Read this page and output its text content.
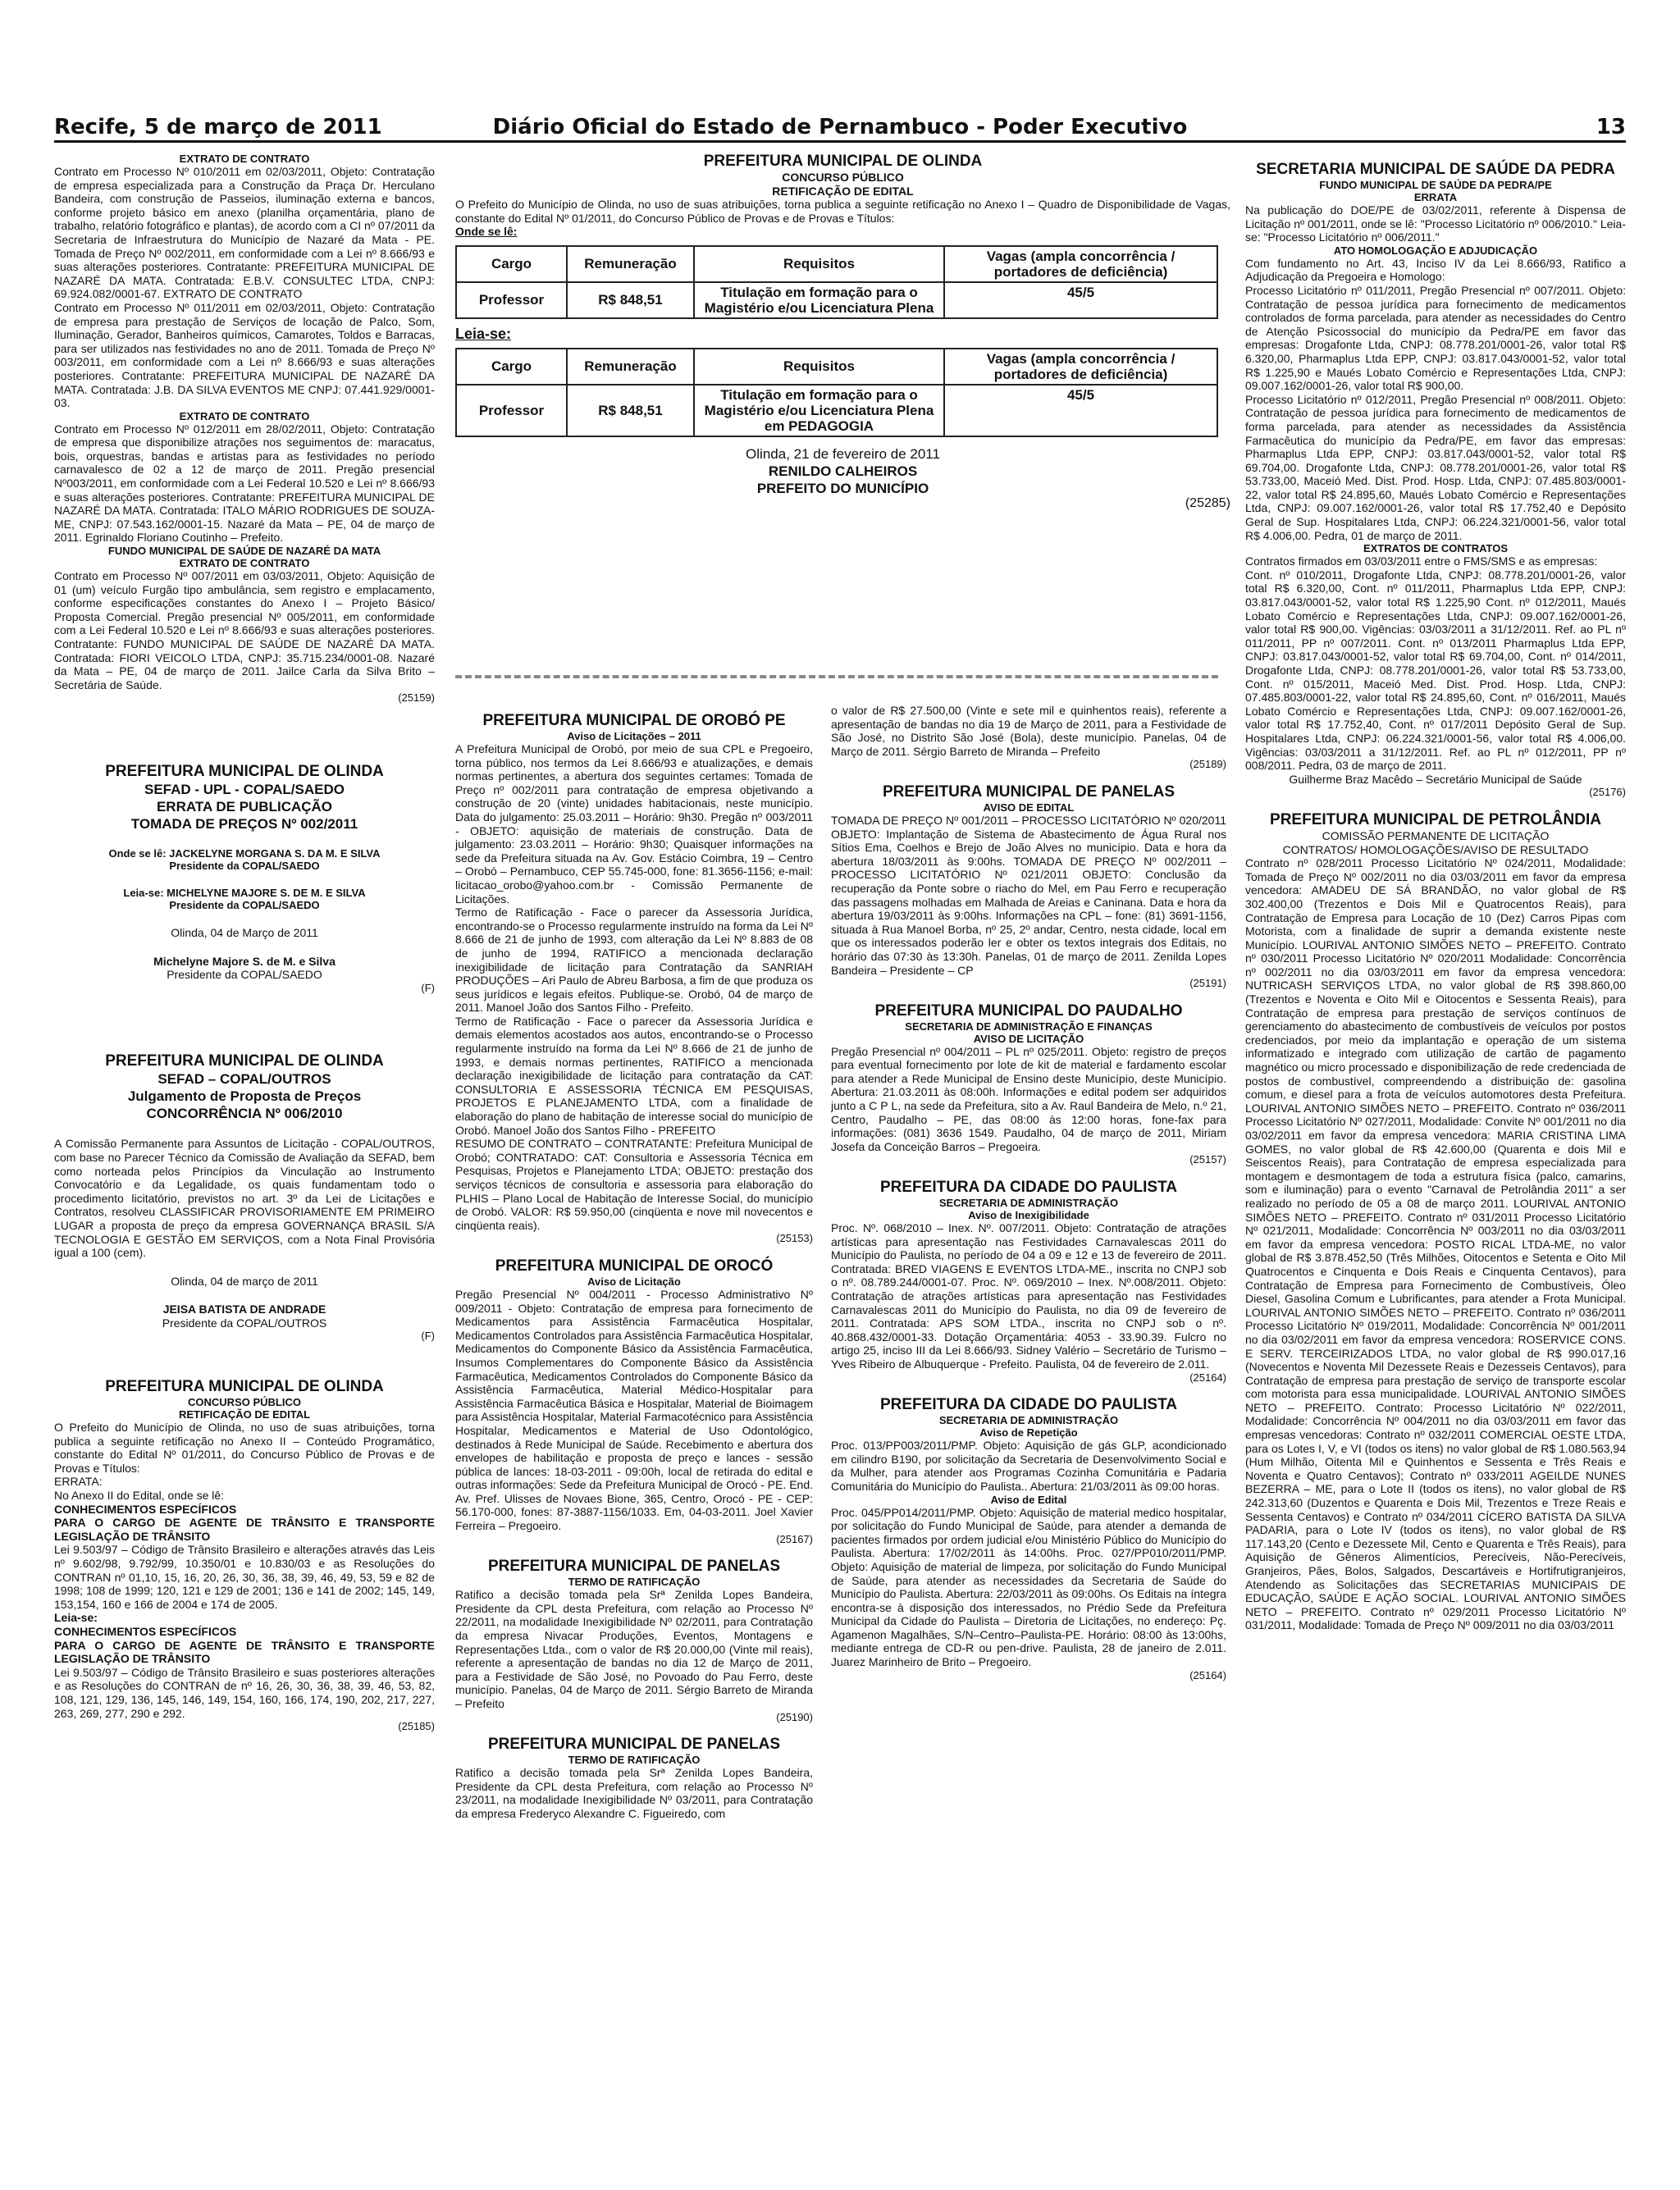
Diário Oficial do Estado de Pernambuco - Poder Executivo
Recife, 5 de março de 2011	13
EXTRATO DE CONTRATO
Contrato em Processo Nº 010/2011 em 02/03/2011, Objeto: Contratação de empresa especializada para a Construção da Praça Dr. Herculano Bandeira, com construção de Passeios, iluminação externa e bancos, conforme projeto básico em anexo (planilha orçamentária, plano de trabalho, relatório fotográfico e plantas), de acordo com a CI nº 07/2011 da Secretaria de Infraestrutura do Município de Nazaré da Mata - PE. Tomada de Preço Nº 002/2011, em conformidade com a Lei nº 8.666/93 e suas alterações posteriores. Contratante: PREFEITURA MUNICIPAL DE NAZARÉ DA MATA. Contratada: E.B.V. CONSULTEC LTDA, CNPJ: 69.924.082/0001-67. EXTRATO DE CONTRATO
Contrato em Processo Nº 011/2011 em 02/03/2011, Objeto: Contratação de empresa para prestação de Serviços de locação de Palco, Som, Iluminação, Gerador, Banheiros químicos, Camarotes, Toldos e Barracas, para ser utilizados nas festividades no ano de 2011. Tomada de Preço Nº 003/2011, em conformidade com a Lei nº 8.666/93 e suas alterações posteriores. Contratante: PREFEITURA MUNICIPAL DE NAZARÉ DA MATA. Contratada: J.B. DA SILVA EVENTOS ME CNPJ: 07.441.929/0001-03.
EXTRATO DE CONTRATO
Contrato em Processo Nº 012/2011 em 28/02/2011, Objeto: Contratação de empresa que disponibilize atrações nos seguimentos de: maracatus, bois, orquestras, bandas e artistas para as festividades no período carnavalesco de 02 a 12 de março de 2011. Pregão presencial Nº003/2011, em conformidade com a Lei Federal 10.520 e Lei nº 8.666/93 e suas alterações posteriores. Contratante: PREFEITURA MUNICIPAL DE NAZARÉ DA MATA. Contratada: ITALO MÁRIO RODRIGUES DE SOUZA-ME, CNPJ: 07.543.162/0001-15. Nazaré da Mata – PE, 04 de março de 2011. Egrinaldo Floriano Coutinho – Prefeito.
FUNDO MUNICIPAL DE SAÚDE DE NAZARÉ DA MATA
EXTRATO DE CONTRATO
Contrato em Processo Nº 007/2011 em 03/03/2011, Objeto: Aquisição de 01 (um) veículo Furgão tipo ambulância, sem registro e emplacamento, conforme especificações constantes do Anexo I – Projeto Básico/ Proposta Comercial. Pregão presencial Nº 005/2011, em conformidade com a Lei Federal 10.520 e Lei nº 8.666/93 e suas alterações posteriores. Contratante: FUNDO MUNICIPAL DE SAÚDE DE NAZARÉ DA MATA. Contratada: FIORI VEICOLO LTDA, CNPJ: 35.715.234/0001-08. Nazaré da Mata – PE, 04 de março de 2011. Jailce Carla da Silva Brito – Secretária de Saúde.
(25159)
PREFEITURA MUNICIPAL DE OLINDA
SEFAD - UPL - COPAL/SAEDO
ERRATA DE PUBLICAÇÃO
TOMADA DE PREÇOS Nº 002/2011
Onde se lê: JACKELYNE MORGANA S. DA M. E SILVA
Presidente da COPAL/SAEDO
Leia-se: MICHELYNE MAJORE S. DE M. E SILVA
Presidente da COPAL/SAEDO
Olinda, 04 de Março de 2011
Michelyne Majore S. de M. e Silva
Presidente da COPAL/SAEDO
(F)
PREFEITURA MUNICIPAL DE OLINDA
SEFAD – COPAL/OUTROS
Julgamento de Proposta de Preços
CONCORRÊNCIA Nº 006/2010
A Comissão Permanente para Assuntos de Licitação - COPAL/OUTROS, com base no Parecer Técnico da Comissão de Avaliação da SEFAD, bem como norteada pelos Princípios da Vinculação ao Instrumento Convocatório e da Legalidade, os quais fundamentam todo o procedimento licitatório, previstos no art. 3º da Lei de Licitações e Contratos, resolveu CLASSIFICAR PROVISORIAMENTE EM PRIMEIRO LUGAR a proposta de preço da empresa GOVERNANÇA BRASIL S/A TECNOLOGIA E GESTÃO EM SERVIÇOS, com a Nota Final Provisória igual a 100 (cem).
Olinda, 04 de março de 2011
JEISA BATISTA DE ANDRADE
Presidente da COPAL/OUTROS
(F)
PREFEITURA MUNICIPAL DE OLINDA
CONCURSO PÚBLICO
RETIFICAÇÃO DE EDITAL
O Prefeito do Município de Olinda, no uso de suas atribuições, torna publica a seguinte retificação no Anexo II – Conteúdo Programático, constante do Edital Nº 01/2011, do Concurso Público de Provas e de Provas e Títulos:
ERRATA:
No Anexo II do Edital, onde se lê:
CONHECIMENTOS ESPECÍFICOS
PARA O CARGO DE AGENTE DE TRÂNSITO E TRANSPORTE LEGISLAÇÃO DE TRÂNSITO
Lei 9.503/97 – Código de Trânsito Brasileiro e alterações através das Leis nº 9.602/98, 9.792/99, 10.350/01 e 10.830/03 e as Resoluções do CONTRAN nº 01,10, 15, 16, 20, 26, 30, 36, 38, 39, 46, 49, 53, 59 e 82 de 1998; 108 de 1999; 120, 121 e 129 de 2001; 136 e 141 de 2002; 145, 149, 153,154, 160 e 166 de 2004 e 174 de 2005.
Leia-se:
CONHECIMENTOS ESPECÍFICOS
PARA O CARGO DE AGENTE DE TRÂNSITO E TRANSPORTE LEGISLAÇÃO DE TRÂNSITO
Lei 9.503/97 – Código de Trânsito Brasileiro e suas posteriores alterações e as Resoluções do CONTRAN de nº 16, 26, 30, 36, 38, 39, 46, 53, 82, 108, 121, 129, 136, 145, 146, 149, 154, 160, 166, 174, 190, 202, 217, 227, 263, 269, 277, 290 e 292.
(25185)
PREFEITURA MUNICIPAL DE OLINDA
CONCURSO PÚBLICO
RETIFICAÇÃO DE EDITAL
O Prefeito do Município de Olinda, no uso de suas atribuições, torna publica a seguinte retificação no Anexo I – Quadro de Disponibilidade de Vagas, constante do Edital Nº 01/2011, do Concurso Público de Provas e de Provas e Títulos:
Onde se lê:
Cargo	Remuneração	Requisitos	Vagas (ampla concorrência / portadores de deficiência)
Professor	R$ 848,51	Titulação em formação para o Magistério e/ou Licenciatura Plena	45/5
Leia-se:
Cargo	Remuneração	Requisitos	Vagas (ampla concorrência / portadores de deficiência)
Professor	R$ 848,51	Titulação em formação para o Magistério e/ou Licenciatura Plena em PEDAGOGIA	45/5
Olinda, 21 de fevereiro de 2011
RENILDO CALHEIROS
PREFEITO DO MUNICÍPIO
(25285)
PREFEITURA MUNICIPAL DE OROBÓ PE
Aviso de Licitações – 2011
A Prefeitura Municipal de Orobó, por meio de sua CPL e Pregoeiro, torna público, nos termos da Lei 8.666/93 e atualizações, e demais normas pertinentes, a abertura dos seguintes certames: Tomada de Preço nº 002/2011 para contratação de empresa objetivando a construção de 20 (vinte) unidades habitacionais, neste município. Data do julgamento: 25.03.2011 – Horário: 9h30. Pregão nº 003/2011 - OBJETO: aquisição de materiais de construção. Data de julgamento: 23.03.2011 – Horário: 9h30; Quaisquer informações na sede da Prefeitura situada na Av. Gov. Estácio Coimbra, 19 – Centro – Orobó – Pernambuco, CEP 55.745-000, fone: 81.3656-1156; e-mail: licitacao_orobo@yahoo.com.br - Comissão Permanente de Licitações.
Termo de Ratificação - Face o parecer da Assessoria Jurídica, encontrando-se o Processo regularmente instruído na forma da Lei Nº 8.666 de 21 de junho de 1993, com alteração da Lei Nº 8.883 de 08 de junho de 1994, RATIFICO a mencionada declaração inexigibilidade de licitação para Contratação da SANRIAH PRODUÇÕES – Ari Paulo de Abreu Barbosa, a fim de que produza os seus jurídicos e legais efeitos. Publique-se. Orobó, 04 de março de 2011. Manoel João dos Santos Filho - Prefeito.
Termo de Ratificação - Face o parecer da Assessoria Jurídica e demais elementos acostados aos autos, encontrando-se o Processo regularmente instruído na forma da Lei Nº 8.666 de 21 de junho de 1993, e demais normas pertinentes, RATIFICO a mencionada declaração inexigibilidade de licitação para contratação da CAT: CONSULTORIA E ASSESSORIA TÉCNICA EM PESQUISAS, PROJETOS E PLANEJAMENTO LTDA, com a finalidade de elaboração do plano de habitação de interesse social do município de Orobó. Manoel João dos Santos Filho - PREFEITO
RESUMO DE CONTRATO – CONTRATANTE: Prefeitura Municipal de Orobó; CONTRATADO: CAT: Consultoria e Assessoria Técnica em Pesquisas, Projetos e Planejamento LTDA; OBJETO: prestação dos serviços técnicos de consultoria e assessoria para elaboração do PLHIS – Plano Local de Habitação de Interesse Social, do município de Orobó. VALOR: R$ 59.950,00 (cinqüenta e nove mil novecentos e cinqüenta reais).
(25153)
PREFEITURA MUNICIPAL DE OROCÓ
Aviso de Licitação
Pregão Presencial Nº 004/2011 - Processo Administrativo Nº 009/2011 - Objeto: Contratação de empresa para fornecimento de Medicamentos para Assistência Farmacêutica Hospitalar, Medicamentos Controlados para Assistência Farmacêutica Hospitalar, Medicamentos do Componente Básico da Assistência Farmacêutica, Insumos Complementares do Componente Básico da Assistência Farmacêutica, Medicamentos Controlados do Componente Básico da Assistência Farmacêutica, Material Médico-Hospitalar para Assistência Farmacêutica Básica e Hospitalar, Material de Bioimagem para Assistência Hospitalar, Material Farmacotécnico para Assistência Hospitalar, Medicamentos e Material de Uso Odontológico, destinados à Rede Municipal de Saúde. Recebimento e abertura dos envelopes de habilitação e proposta de preço e lances - sessão pública de lances: 18-03-2011 - 09:00h, local de retirada do edital e outras informações: Sede da Prefeitura Municipal de Orocó - PE. End. Av. Pref. Ulisses de Novaes Bione, 365, Centro, Orocó - PE - CEP: 56.170-000, fones: 87-3887-1156/1033. Em, 04-03-2011. Joel Xavier Ferreira – Pregoeiro.
(25167)
PREFEITURA MUNICIPAL DE PANELAS
TERMO DE RATIFICAÇÃO
Ratifico a decisão tomada pela Srª Zenilda Lopes Bandeira, Presidente da CPL desta Prefeitura, com relação ao Processo Nº 22/2011, na modalidade Inexigibilidade Nº 02/2011, para Contratação da empresa Nivacar Produções, Eventos, Montagens e Representações Ltda., com o valor de R$ 20.000,00 (Vinte mil reais), referente a apresentação de bandas no dia 12 de Março de 2011, para a Festividade de São José, no Povoado do Pau Ferro, deste município. Panelas, 04 de Março de 2011. Sérgio Barreto de Miranda – Prefeito
(25190)
PREFEITURA MUNICIPAL DE PANELAS
TERMO DE RATIFICAÇÃO
Ratifico a decisão tomada pela Srª Zenilda Lopes Bandeira, Presidente da CPL desta Prefeitura, com relação ao Processo Nº 23/2011, na modalidade Inexigibilidade Nº 03/2011, para Contratação da empresa Frederyco Alexandre C. Figueiredo, com
o valor de R$ 27.500,00 (Vinte e sete mil e quinhentos reais), referente a apresentação de bandas no dia 19 de Março de 2011, para a Festividade de São José, no Distrito São José (Bola), deste município. Panelas, 04 de Março de 2011. Sérgio Barreto de Miranda – Prefeito
(25189)
PREFEITURA MUNICIPAL DE PANELAS
AVISO DE EDITAL
TOMADA DE PREÇO Nº 001/2011 – PROCESSO LICITATÓRIO Nº 020/2011 OBJETO: Implantação de Sistema de Abastecimento de Água Rural nos Sítios Ema, Coelhos e Brejo de João Alves no município. Data e hora da abertura 18/03/2011 às 9:00hs. TOMADA DE PREÇO Nº 002/2011 – PROCESSO LICITATÓRIO Nº 021/2011 OBJETO: Conclusão da recuperação da Ponte sobre o riacho do Mel, em Pau Ferro e recuperação das passagens molhadas em Malhada de Areias e Caninana. Data e hora da abertura 19/03/2011 às 9:00hs. Informações na CPL – fone: (81) 3691-1156, situada à Rua Manoel Borba, nº 25, 2º andar, Centro, nesta cidade, local em que os interessados poderão ler e obter os textos integrais dos Editais, no horário das 07:30 às 13:30h. Panelas, 01 de março de 2011. Zenilda Lopes Bandeira – Presidente – CP
(25191)
PREFEITURA MUNICIPAL DO PAUDALHO
SECRETARIA DE ADMINISTRAÇÃO E FINANÇAS
AVISO DE LICITAÇÃO
Pregão Presencial nº 004/2011 – PL nº 025/2011. Objeto: registro de preços para eventual fornecimento por lote de kit de material e fardamento escolar para atender a Rede Municipal de Ensino deste Município, deste Município. Abertura: 21.03.2011 às 08:00h. Informações e edital podem ser adquiridos junto a C P L, na sede da Prefeitura, sito a Av. Raul Bandeira de Melo, n.º 21, Centro, Paudalho – PE, das 08:00 às 12:00 horas, fone-fax para informações: (081) 3636 1549. Paudalho, 04 de março de 2011, Miriam Josefa da Conceição Barros – Pregoeira.
(25157)
PREFEITURA DA CIDADE DO PAULISTA
SECRETARIA DE ADMINISTRAÇÃO
Aviso de Inexigibilidade
Proc. Nº. 068/2010 – Inex. Nº. 007/2011. Objeto: Contratação de atrações artísticas para apresentação nas Festividades Carnavalescas 2011 do Município do Paulista, no período de 04 a 09 e 12 e 13 de fevereiro de 2011. Contratada: BRED VIAGENS E EVENTOS LTDA-ME., inscrita no CNPJ sob o nº. 08.789.244/0001-07. Proc. Nº. 069/2010 – Inex. Nº.008/2011. Objeto: Contratação de atrações artísticas para apresentação nas Festividades Carnavalescas 2011 do Município do Paulista, no dia 09 de fevereiro de 2011. Contratada: APS SOM LTDA., inscrita no CNPJ sob o nº. 40.868.432/0001-33. Dotação Orçamentária: 4053 - 33.90.39. Fulcro no artigo 25, inciso III da Lei 8.666/93. Sidney Valério – Secretário de Turismo – Yves Ribeiro de Albuquerque - Prefeito. Paulista, 04 de fevereiro de 2.011.
(25164)
PREFEITURA DA CIDADE DO PAULISTA
SECRETARIA DE ADMINISTRAÇÃO
Aviso de Repetição
Proc. 013/PP003/2011/PMP. Objeto: Aquisição de gás GLP, acondicionado em cilindro B190, por solicitação da Secretaria de Desenvolvimento Social e da Mulher, para atender aos Programas Cozinha Comunitária e Padaria Comunitária do Município do Paulista.. Abertura: 21/03/2011 às 09:00 horas.
Aviso de Edital
Proc. 045/PP014/2011/PMP. Objeto: Aquisição de material medico hospitalar, por solicitação do Fundo Municipal de Saúde, para atender a demanda de pacientes firmados por ordem judicial e/ou Ministério Público do Município do Paulista. Abertura: 17/02/2011 às 14:00hs. Proc. 027/PP010/2011/PMP. Objeto: Aquisição de material de limpeza, por solicitação do Fundo Municipal de Saúde, para atender as necessidades da Secretaria de Saúde do Município do Paulista. Abertura: 22/03/2011 às 09:00hs. Os Editais na íntegra encontra-se à disposição dos interessados, no Prédio Sede da Prefeitura Municipal da Cidade do Paulista – Diretoria de Licitações, no endereço: Pç. Agamenon Magalhães, S/N–Centro–Paulista-PE. Horário: 08:00 às 13:00hs, mediante entrega de CD-R ou pen-drive. Paulista, 28 de janeiro de 2.011. Juarez Marinheiro de Brito – Pregoeiro.
(25164)
SECRETARIA MUNICIPAL DE SAÚDE DA PEDRA
FUNDO MUNICIPAL DE SAÚDE DA PEDRA/PE
ERRATA
Na publicação do DOE/PE de 03/02/2011, referente à Dispensa de Licitação nº 001/2011, onde se lê: "Processo Licitatório nº 006/2010." Leia-se: "Processo Licitatório nº 006/2011."
ATO HOMOLOGAÇÃO E ADJUDICAÇÃO
Com fundamento no Art. 43, Inciso IV da Lei 8.666/93, Ratifico a Adjudicação da Pregoeira e Homologo:
Processo Licitatório nº 011/2011, Pregão Presencial nº 007/2011. Objeto: Contratação de pessoa jurídica para fornecimento de medicamentos controlados de forma parcelada, para atender as necessidades do Centro de Atenção Psicossocial do município da Pedra/PE em favor das empresas: Drogafonte Ltda, CNPJ: 08.778.201/0001-26, valor total R$ 6.320,00, Pharmaplus Ltda EPP, CNPJ: 03.817.043/0001-52, valor total R$ 1.225,90 e Maués Lobato Comércio e Representações Ltda, CNPJ: 09.007.162/0001-26, valor total R$ 900,00.
Processo Licitatório nº 012/2011, Pregão Presencial nº 008/2011. Objeto: Contratação de pessoa jurídica para fornecimento de medicamentos de forma parcelada, para atender as necessidades da Assistência Farmacêutica do município da Pedra/PE, em favor das empresas: Pharmaplus Ltda EPP, CNPJ: 03.817.043/0001-52, valor total R$ 69.704,00. Drogafonte Ltda, CNPJ: 08.778.201/0001-26, valor total R$ 53.733,00, Maceió Med. Dist. Prod. Hosp. Ltda, CNPJ: 07.485.803/0001-22, valor total R$ 24.895,60, Maués Lobato Comércio e Representações Ltda, CNPJ: 09.007.162/0001-26, valor total R$ 17.752,40 e Depósito Geral de Sup. Hospitalares Ltda, CNPJ: 06.224.321/0001-56, valor total R$ 4.006,00. Pedra, 01 de março de 2011.
EXTRATOS DE CONTRATOS
Contratos firmados em 03/03/2011 entre o FMS/SMS e as empresas:
Cont. nº 010/2011, Drogafonte Ltda, CNPJ: 08.778.201/0001-26, valor total R$ 6.320,00, Cont. nº 011/2011, Pharmaplus Ltda EPP, CNPJ: 03.817.043/0001-52, valor total R$ 1.225,90 Cont. nº 012/2011, Maués Lobato Comércio e Representações Ltda, CNPJ: 09.007.162/0001-26, valor total R$ 900,00. Vigências: 03/03/2011 a 31/12/2011. Ref. ao PL nº 011/2011, PP nº 007/2011. Cont. nº 013/2011 Pharmaplus Ltda EPP, CNPJ: 03.817.043/0001-52, valor total R$ 69.704,00, Cont. nº 014/2011, Drogafonte Ltda, CNPJ: 08.778.201/0001-26, valor total R$ 53.733,00, Cont. nº 015/2011, Maceió Med. Dist. Prod. Hosp. Ltda, CNPJ: 07.485.803/0001-22, valor total R$ 24.895,60, Cont. nº 016/2011, Maués Lobato Comércio e Representações Ltda, CNPJ: 09.007.162/0001-26, valor total R$ 17.752,40, Cont. nº 017/2011 Depósito Geral de Sup. Hospitalares Ltda, CNPJ: 06.224.321/0001-56, valor total R$ 4.006,00. Vigências: 03/03/2011 a 31/12/2011. Ref. ao PL nº 012/2011, PP nº 008/2011. Pedra, 03 de março de 2011.
Guilherme Braz Macêdo – Secretário Municipal de Saúde
(25176)
PREFEITURA MUNICIPAL DE PETROLÂNDIA
COMISSÃO PERMANENTE DE LICITAÇÃO
CONTRATOS/ HOMOLOGAÇÕES/AVISO DE RESULTADO
Contrato nº 028/2011 Processo Licitatório Nº 024/2011, Modalidade: Tomada de Preço Nº 002/2011 no dia 03/03/2011 em favor da empresa vencedora: AMADEU DE SÁ BRANDÃO, no valor global de R$ 302.400,00 (Trezentos e Dois Mil e Quatrocentos Reais), para Contratação de Empresa para Locação de 10 (Dez) Carros Pipas com Motorista, com a finalidade de suprir a demanda existente neste Município. LOURIVAL ANTONIO SIMÕES NETO – PREFEITO. Contrato nº 030/2011 Processo Licitatório Nº 020/2011 Modalidade: Concorrência nº 002/2011 no dia 03/03/2011 em favor da empresa vencedora: NUTRICASH SERVIÇOS LTDA, no valor global de R$ 398.860,00 (Trezentos e Noventa e Oito Mil e Oitocentos e Sessenta Reais), para Contratação de empresa para prestação de serviços contínuos de gerenciamento do abastecimento de combustíveis de veículos por postos credenciados, por meio da implantação e operação de um sistema informatizado e integrado com utilização de cartão de pagamento magnético ou micro processado e disponibilização de rede credenciada de postos de combustível, compreendendo a distribuição de: gasolina comum, e diesel para a frota de veículos automotores desta Prefeitura. LOURIVAL ANTONIO SIMÕES NETO – PREFEITO. Contrato nº 036/2011 Processo Licitatório Nº 027/2011, Modalidade: Convite Nº 001/2011 no dia 03/02/2011 em favor da empresa vencedora: MARIA CRISTINA LIMA GOMES, no valor global de R$ 42.600,00 (Quarenta e dois Mil e Seiscentos Reais), para Contratação de empresa especializada para montagem e desmontagem de toda a estrutura física (palco, camarins, som e iluminação) para o evento "Carnaval de Petrolândia 2011" a ser realizado no período de 05 a 08 de março 2011. LOURIVAL ANTONIO SIMÕES NETO – PREFEITO. Contrato nº 031/2011 Processo Licitatório Nº 021/2011, Modalidade: Concorrência Nº 003/2011 no dia 03/03/2011 em favor da empresa vencedora: POSTO RICAL LTDA-ME, no valor global de R$ 3.878.452,50 (Três Milhões, Oitocentos e Setenta e Oito Mil Quatrocentos e Cinquenta e Dois Reais e Cinquenta Centavos), para Contratação de Empresa para Fornecimento de Combustíveis, Óleo Diesel, Gasolina Comum e Lubrificantes, para atender a Frota Municipal. LOURIVAL ANTONIO SIMÕES NETO – PREFEITO. Contrato nº 036/2011 Processo Licitatório Nº 019/2011, Modalidade: Concorrência Nº 001/2011 no dia 03/02/2011 em favor da empresa vencedora: ROSERVICE CONS. E SERV. TERCEIRIZADOS LTDA, no valor global de R$ 990.017,16 (Novecentos e Noventa Mil Dezessete Reais e Dezesseis Centavos), para Contratação de empresa para prestação de serviço de transporte escolar com motorista para essa municipalidade. LOURIVAL ANTONIO SIMÕES NETO – PREFEITO. Contrato: Processo Licitatório Nº 022/2011, Modalidade: Concorrência Nº 004/2011 no dia 03/03/2011 em favor das empresas vencedoras: Contrato nº 032/2011 COMERCIAL OESTE LTDA, para os Lotes I, V, e VI (todos os itens) no valor global de R$ 1.080.563,94 (Hum Milhão, Oitenta Mil e Quinhentos e Sessenta e Três Reais e Noventa e Quatro Centavos); Contrato nº 033/2011 AGEILDE NUNES BEZERRA – ME, para o Lote II (todos os itens), no valor global de R$ 242.313,60 (Duzentos e Quarenta e Dois Mil, Trezentos e Treze Reais e Sessenta Centavos) e Contrato nº 034/2011 CÍCERO BATISTA DA SILVA PADARIA, para o Lote IV (todos os itens), no valor global de R$ 117.143,20 (Cento e Dezessete Mil, Cento e Quarenta e Três Reais), para Aquisição de Gêneros Alimentícios, Perecíveis, Não-Perecíveis, Granjeiros, Pães, Bolos, Salgados, Descartáveis e Hortifrutigranjeiros, Atendendo as Solicitações das SECRETARIAS MUNICIPAIS DE EDUCAÇÃO, SAÚDE E AÇÃO SOCIAL. LOURIVAL ANTONIO SIMÕES NETO – PREFEITO. Contrato nº 029/2011 Processo Licitatório Nº 031/2011, Modalidade: Tomada de Preço Nº 009/2011 no dia 03/03/2011
